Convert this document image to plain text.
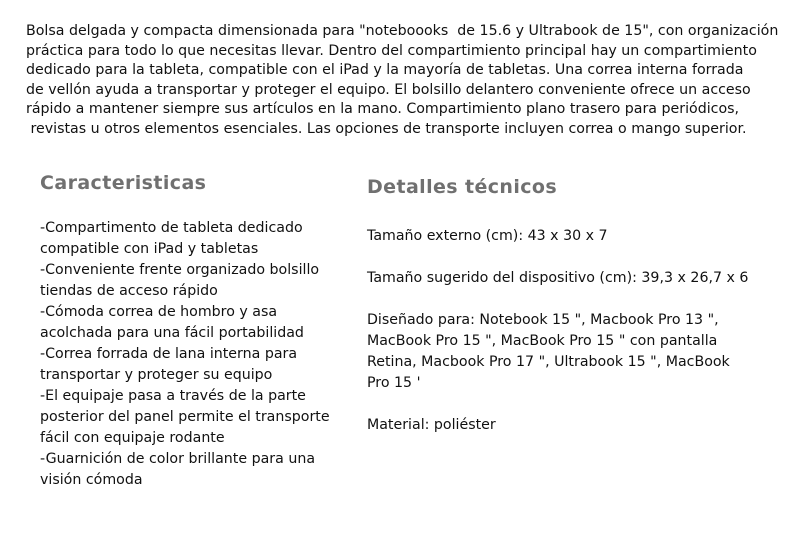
Bolsa delgada y compacta dimensionada para "noteboooks  de 15.6 y Ultrabook de 15", con organización
práctica para todo lo que necesitas llevar. Dentro del compartimiento principal hay un compartimiento
dedicado para la tableta, compatible con el iPad y la mayoría de tabletas. Una correa interna forrada
de vellón ayuda a transportar y proteger el equipo. El bolsillo delantero conveniente ofrece un acceso
rápido a mantener siempre sus artículos en la mano. Compartimiento plano trasero para periódicos,
revistas u otros elementos esenciales. Las opciones de transporte incluyen correa o mango superior.
Caracteristicas
-Compartimento de tableta dedicado compatible con iPad y tabletas
-Conveniente frente organizado bolsillo tiendas de acceso rápido
-Cómoda correa de hombro y asa acolchada para una fácil portabilidad
-Correa forrada de lana interna para transportar y proteger su equipo
-El equipaje pasa a través de la parte posterior del panel permite el transporte fácil con equipaje rodante
-Guarnición de color brillante para una visión cómoda
Detalles técnicos
Tamaño externo (cm): 43 x 30 x 7
Tamaño sugerido del dispositivo (cm): 39,3 x 26,7 x 6
Diseñado para: Notebook 15 ", Macbook Pro 13 ", MacBook Pro 15 ", MacBook Pro 15 " con pantalla Retina, Macbook Pro 17 ", Ultrabook 15 ", MacBook Pro 15 '
Material: poliéster
